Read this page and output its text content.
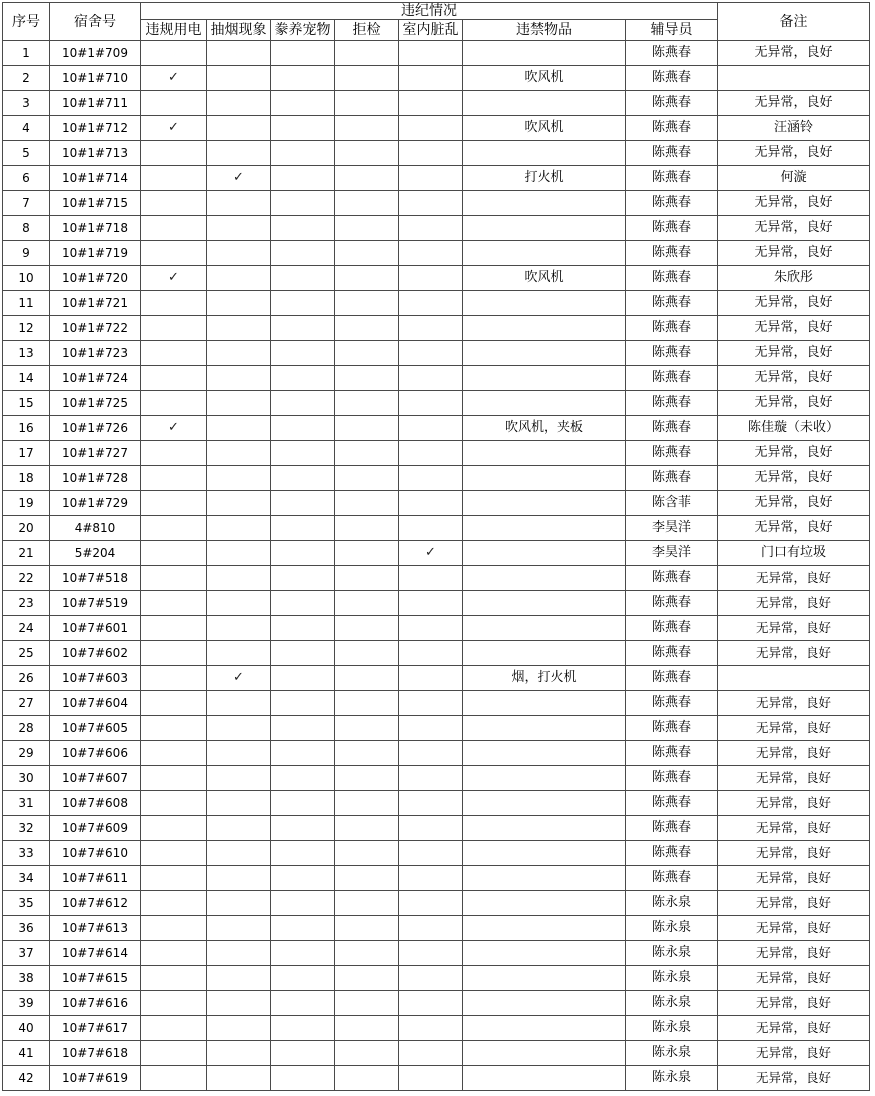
序号	宿舍号	违纪情况							备注
		违规用电	抽烟现象	豢养宠物	拒检	室内脏乱	违禁物品	辅导员	
1	10#1#709							陈燕春	无异常，良好
2	10#1#710	✓					吹风机	陈燕春	
3	10#1#711							陈燕春	无异常，良好
4	10#1#712	✓					吹风机	陈燕春	汪涵铃
5	10#1#713							陈燕春	无异常，良好
6	10#1#714		✓				打火机	陈燕春	何漩
7	10#1#715							陈燕春	无异常，良好
8	10#1#718							陈燕春	无异常，良好
9	10#1#719							陈燕春	无异常，良好
10	10#1#720	✓					吹风机	陈燕春	朱欣彤
11	10#1#721							陈燕春	无异常，良好
12	10#1#722							陈燕春	无异常，良好
13	10#1#723							陈燕春	无异常，良好
14	10#1#724							陈燕春	无异常，良好
15	10#1#725							陈燕春	无异常，良好
16	10#1#726	✓					吹风机，夹板	陈燕春	陈佳璇（未收）
17	10#1#727							陈燕春	无异常，良好
18	10#1#728							陈燕春	无异常，良好
19	10#1#729							陈含菲	无异常，良好
20	4#810							李昊洋	无异常，良好
21	5#204					✓		李昊洋	门口有垃圾
22	10#7#518							陈燕春	无异常，良好
23	10#7#519							陈燕春	无异常，良好
24	10#7#601							陈燕春	无异常，良好
25	10#7#602							陈燕春	无异常，良好
26	10#7#603		✓				烟，打火机	陈燕春	
27	10#7#604							陈燕春	无异常，良好
28	10#7#605							陈燕春	无异常，良好
29	10#7#606							陈燕春	无异常，良好
30	10#7#607							陈燕春	无异常，良好
31	10#7#608							陈燕春	无异常，良好
32	10#7#609							陈燕春	无异常，良好
33	10#7#610							陈燕春	无异常，良好
34	10#7#611							陈燕春	无异常，良好
35	10#7#612							陈永泉	无异常，良好
36	10#7#613							陈永泉	无异常，良好
37	10#7#614							陈永泉	无异常，良好
38	10#7#615							陈永泉	无异常，良好
39	10#7#616							陈永泉	无异常，良好
40	10#7#617							陈永泉	无异常，良好
41	10#7#618							陈永泉	无异常，良好
42	10#7#619							陈永泉	无异常，良好
